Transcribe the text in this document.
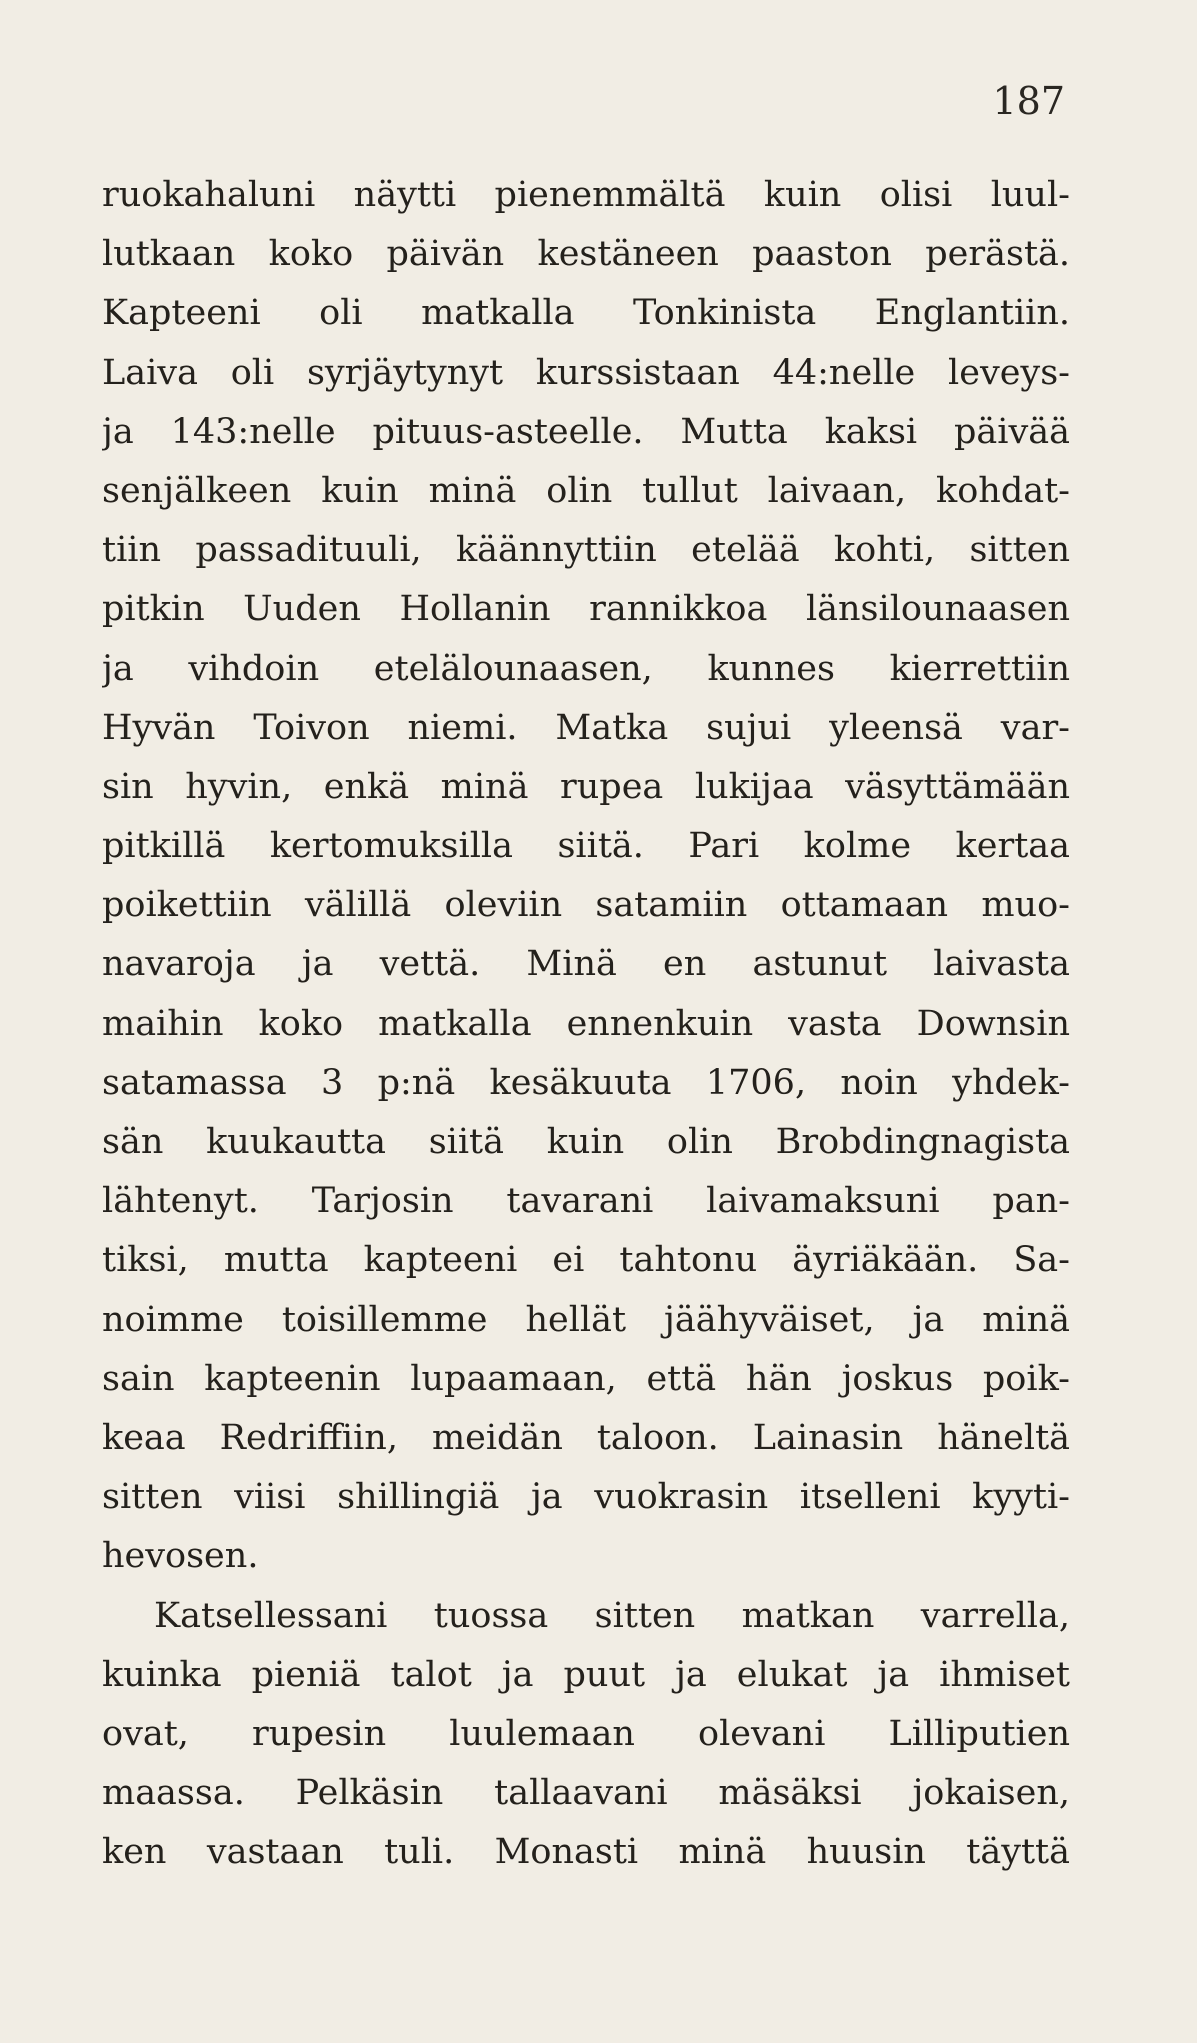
187
ruokahaluni näytti pienemmältä kuin olisi luul-
lutkaan koko päivän kestäneen paaston perästä.
Kapteeni oli matkalla Tonkinista Englantiin.
Laiva oli syrjäytynyt kurssistaan 44:nelle leveys-
ja 143:nelle pituus-asteelle. Mutta kaksi päivää
senjälkeen kuin minä olin tullut laivaan, kohdat-
tiin passadituuli, käännyttiin etelää kohti, sitten
pitkin Uuden Hollanin rannikkoa länsilounaasen
ja vihdoin etelälounaasen, kunnes kierrettiin
Hyvän Toivon niemi. Matka sujui yleensä var-
sin hyvin, enkä minä rupea lukijaa väsyttämään
pitkillä kertomuksilla siitä. Pari kolme kertaa
poikettiin välillä oleviin satamiin ottamaan muo-
navaroja ja vettä. Minä en astunut laivasta
maihin koko matkalla ennenkuin vasta Downsin
satamassa 3 p:nä kesäkuuta 1706, noin yhdek-
sän kuukautta siitä kuin olin Brobdingnagista
lähtenyt. Tarjosin tavarani laivamaksuni pan-
tiksi, mutta kapteeni ei tahtonu äyriäkään. Sa-
noimme toisillemme hellät jäähyväiset, ja minä
sain kapteenin lupaamaan, että hän joskus poik-
keaa Redriffiin, meidän taloon. Lainasin häneltä
sitten viisi shillingiä ja vuokrasin itselleni kyyti-
hevosen.
Katsellessani tuossa sitten matkan varrella,
kuinka pieniä talot ja puut ja elukat ja ihmiset
ovat, rupesin luulemaan olevani Lilliputien
maassa. Pelkäsin tallaavani mäsäksi jokaisen,
ken vastaan tuli. Monasti minä huusin täyttä
